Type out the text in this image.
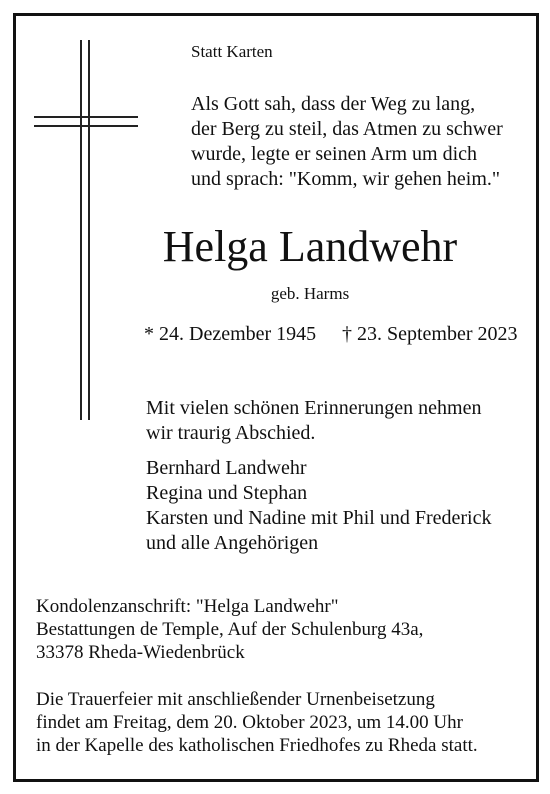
Statt Karten

Als Gott sah, dass der Weg zu lang,
der Berg zu steil, das Atmen zu schwer
wurde, legte er seinen Arm um dich
und sprach: "Komm, wir gehen heim."

Helga Landwehr

geb. Harms

* 24. Dezember 1945 † 23. September 2023

Mit vielen schönen Erinnerungen nehmen
wir traurig Abschied.
Bernhard Landwehr
Regina und Stephan
Karsten und Nadine mit Phil und Frederick
und alle Angehörigen
Kondolenzanschrift: "Helga Landwehr"
Bestattungen de Temple, Auf der Schulenburg 43a,
33378 Rheda-Wiedenbrück
Die Trauerfeier mit anschließender Urnenbeisetzung
findet am Freitag, dem 20. Oktober 2023, um 14.00 Uhr
in der Kapelle des katholischen Friedhofes zu Rheda statt.
